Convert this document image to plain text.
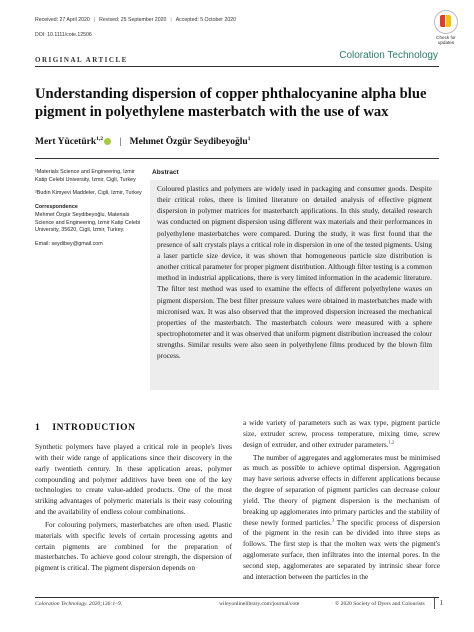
Received: 27 April 2020 | Revised: 25 September 2020 | Accepted: 5 October 2020
DOI: 10.1111/cote.12506	Check for
updates
ORIGINAL ARTICLE	Coloration Technology
Understanding dispersion of copper phthalocyanine alpha blue pigment in polyethylene masterbatch with the use of wax
Mert Yücetürk$^{1,2}$ | Mehmet Özgür Seydibeyoğlu$^1$

¹Materials Science and Engineering, Izmir Katip Celebi University, Izmir, Cigli, Turkey

²Budin Kimyevi Maddeler, Cigli, Izmir, Turkey

Correspondence

Mehmet Özgür Seydibeyoğlu, Materials Science and Engineering, Izmir Katip Celebi University, 35620, Cigli, Izmir, Turkey.

Email: seydibey@gmail.com

Abstract

Coloured plastics and polymers are widely used in packaging and consumer goods. Despite their critical roles, there is limited literature on detailed analysis of effective pigment dispersion in polymer matrices for masterbatch applications. In this study, detailed research was conducted on pigment dispersion using different wax materials and their performances in polyethylene masterbatches were compared. During the study, it was first found that the presence of salt crystals plays a critical role in dispersion in one of the tested pigments. Using a laser particle size device, it was shown that homogeneous particle size distribution is another critical parameter for proper pigment distribution. Although filter testing is a common method in industrial applications, there is very limited information in the academic literature. The filter test method was used to examine the effects of different polyethylene waxes on pigment dispersion. The best filter pressure values were obtained in masterbatches made with micronised wax. It was also observed that the improved dispersion increased the mechanical properties of the masterbatch. The masterbatch colours were measured with a sphere spectrophotometer and it was observed that uniform pigment distribution increased the colour strengths. Similar results were also seen in polyethylene films produced by the blown film process.

1 INTRODUCTION

Synthetic polymers have played a critical role in people's lives with their wide range of applications since their discovery in the early twentieth century. In these application areas, polymer compounding and polymer additives have been one of the key technologies to create value-added products. One of the most striking advantages of polymeric materials is their easy colouring and the availability of endless colour combinations.

For colouring polymers, masterbatches are often used. Plastic materials with specific levels of certain processing agents and certain pigments are combined for the preparation of masterbatches. To achieve good colour strength, the dispersion of pigment is critical. The pigment dispersion depends on

a wide variety of parameters such as wax type, pigment particle size, extruder screw, process temperature, mixing time, screw design of extruder, and other extruder parameters.$^{1,2}$

The number of aggregates and agglomerates must be minimised as much as possible to achieve optimal dispersion. Aggregation may have serious adverse effects in different applications because the degree of separation of pigment particles can decrease colour yield. The theory of pigment dispersion is the mechanism of breaking up agglomerates into primary particles and the stability of these newly formed particles.$^3$ The specific process of dispersion of the pigment in the resin can be divided into three steps as follows. The first step is that the molten wax wets the pigment's agglomerate surface, then infiltrates into the internal pores. In the second step, agglomerates are separated by intrinsic shear force and interaction between the particles in the

Coloration Technology. 2020;136:1–9.	wileyonlinelibrary.com/journal/cote	© 2020 Society of Dyers and Colourists 1
